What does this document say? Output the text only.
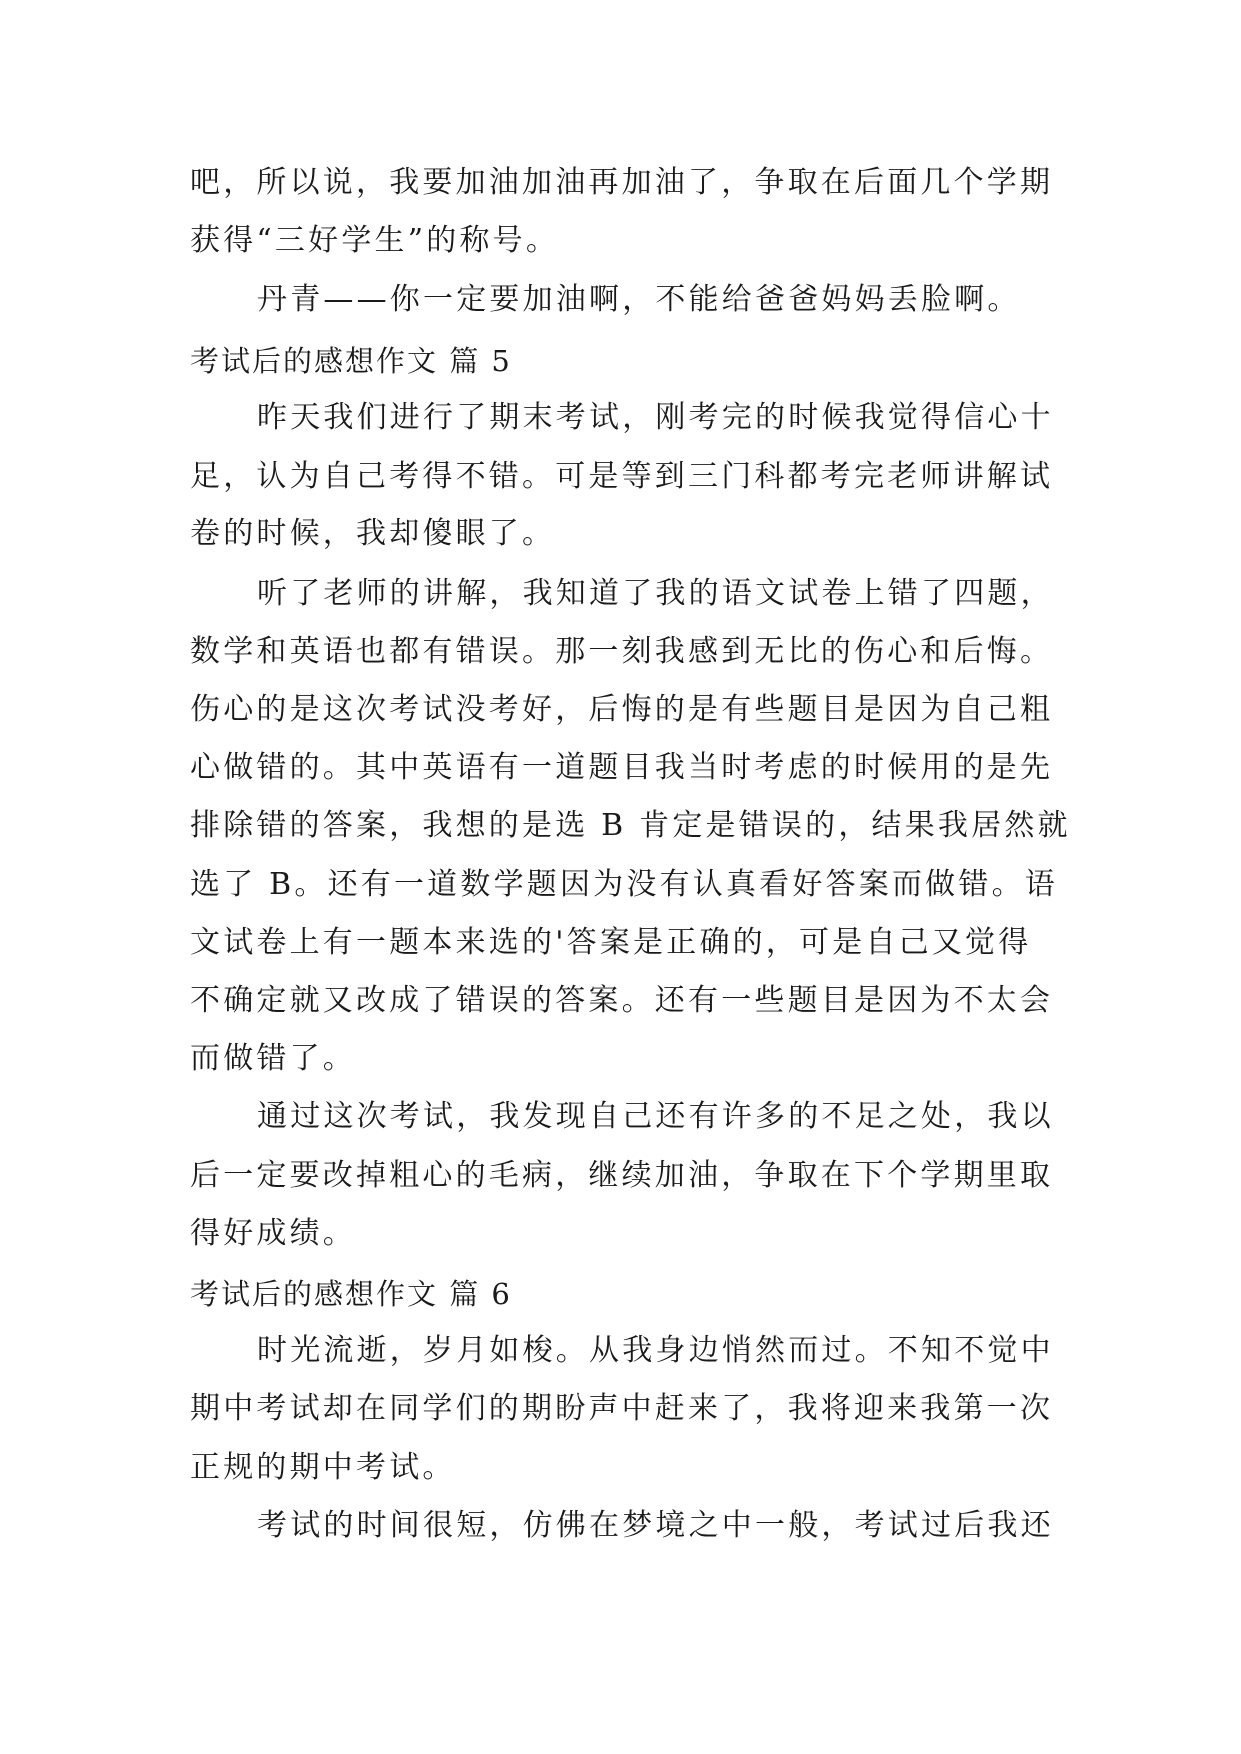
吧，所以说，我要加油加油再加油了，争取在后面几个学期
获得“三好学生”的称号。
丹青——你一定要加油啊，不能给爸爸妈妈丢脸啊。
考试后的感想作文 篇 5
昨天我们进行了期末考试，刚考完的时候我觉得信心十
足，认为自己考得不错。可是等到三门科都考完老师讲解试
卷的时候，我却傻眼了。
听了老师的讲解，我知道了我的语文试卷上错了四题，
数学和英语也都有错误。那一刻我感到无比的伤心和后悔。
伤心的是这次考试没考好，后悔的是有些题目是因为自己粗
心做错的。其中英语有一道题目我当时考虑的时候用的是先
排除错的答案，我想的是选 B 肯定是错误的，结果我居然就
选了 B。还有一道数学题因为没有认真看好答案而做错。语
文试卷上有一题本来选的'答案是正确的，可是自己又觉得
不确定就又改成了错误的答案。还有一些题目是因为不太会
而做错了。
通过这次考试，我发现自己还有许多的不足之处，我以
后一定要改掉粗心的毛病，继续加油，争取在下个学期里取
得好成绩。
考试后的感想作文 篇 6
时光流逝，岁月如梭。从我身边悄然而过。不知不觉中
期中考试却在同学们的期盼声中赶来了，我将迎来我第一次
正规的期中考试。
考试的时间很短，仿佛在梦境之中一般，考试过后我还
